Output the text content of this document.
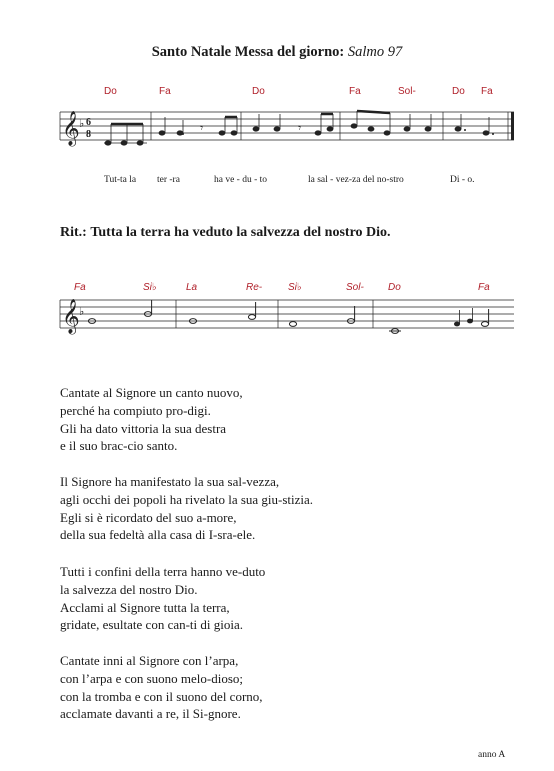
Santo Natale Messa del giorno: Salmo 97
Do	Fa	Do	Fa	Sol-	Do Fa
𝄞 ♭ 6
8	𝄾	𝄾
Tut-ta la ter -ra	ha ve - du - to	la sal - vez-za del no-stro	Di - o.
Rit.: Tutta la terra ha veduto la salvezza del nostro Dio.
Fa	Si♭	La	Re-	Si♭	Sol- Do	Fa
𝄞 ♭
Cantate al Signore un canto nuovo,
perché ha compiuto pro-digi.
Gli ha dato vittoria la sua destra
e il suo brac-cio santo.
Il Signore ha manifestato la sua sal-vezza,
agli occhi dei popoli ha rivelato la sua giu-stizia.
Egli si è ricordato del suo a-more,
della sua fedeltà alla casa di I-sra-ele.
Tutti i confini della terra hanno ve-duto
la salvezza del nostro Dio.
Acclami al Signore tutta la terra,
gridate, esultate con can-ti di gioia.
Cantate inni al Signore con l’arpa,
con l’arpa e con suono melo-dioso;
con la tromba e con il suono del corno,
acclamate davanti a re, il Si-gnore.
anno A
